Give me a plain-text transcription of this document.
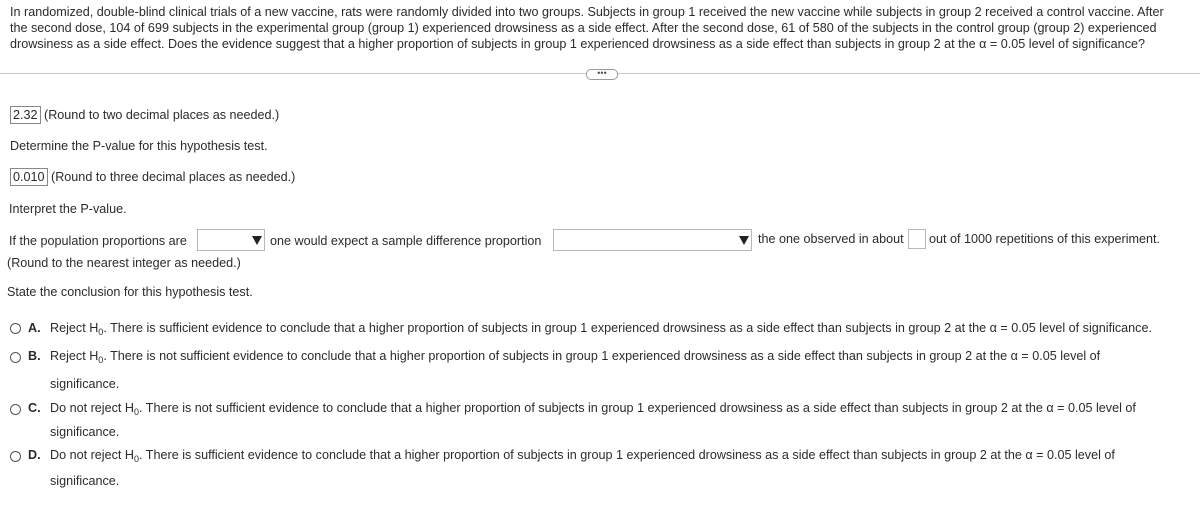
In randomized, double-blind clinical trials of a new vaccine, rats were randomly divided into two groups. Subjects in group 1 received the new vaccine while subjects in group 2 received a control vaccine. After
the second dose, 104 of 699 subjects in the experimental group (group 1) experienced drowsiness as a side effect. After the second dose, 61 of 580 of the subjects in the control group (group 2) experienced
drowsiness as a side effect. Does the evidence suggest that a higher proportion of subjects in group 1 experienced drowsiness as a side effect than subjects in group 2 at the α = 0.05 level of significance?
•••
2.32 (Round to two decimal places as needed.)
Determine the P-value for this hypothesis test.
0.010 (Round to three decimal places as needed.)
Interpret the P-value.
If the population proportions are	one would expect a sample difference proportion	the one observed in about out of 1000 repetitions of this experiment.
(Round to the nearest integer as needed.)
State the conclusion for this hypothesis test.
A. Reject $H_0$. There is sufficient evidence to conclude that a higher proportion of subjects in group 1 experienced drowsiness as a side effect than subjects in group 2 at the α = 0.05 level of significance.
B. Reject $H_0$. There is not sufficient evidence to conclude that a higher proportion of subjects in group 1 experienced drowsiness as a side effect than subjects in group 2 at the α = 0.05 level of
significance.
C. Do not reject $H_0$. There is not sufficient evidence to conclude that a higher proportion of subjects in group 1 experienced drowsiness as a side effect than subjects in group 2 at the α = 0.05 level of
significance.
D. Do not reject $H_0$. There is sufficient evidence to conclude that a higher proportion of subjects in group 1 experienced drowsiness as a side effect than subjects in group 2 at the α = 0.05 level of
significance.
